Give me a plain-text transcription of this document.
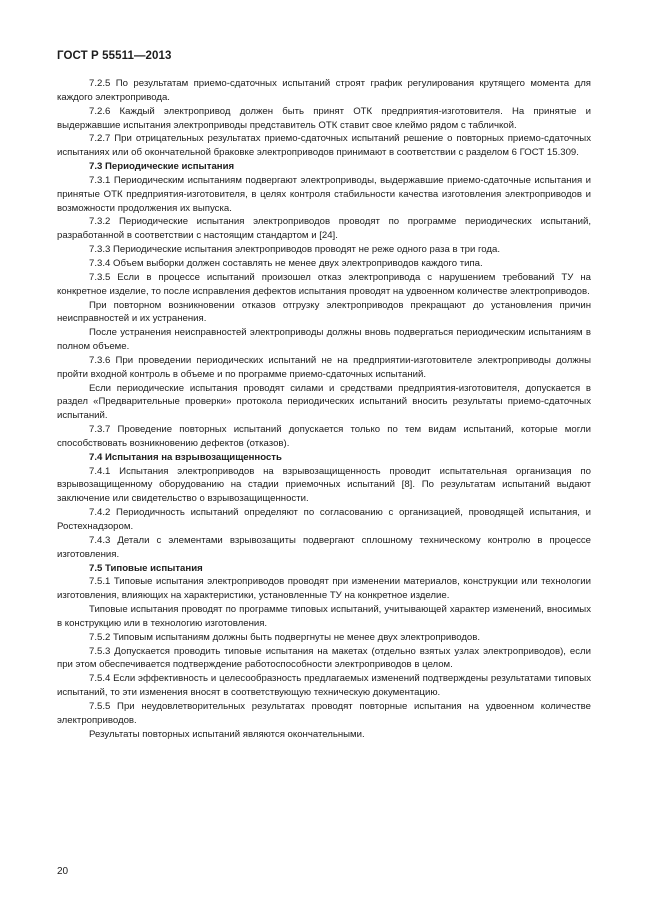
ГОСТ Р 55511—2013

7.2.5 По результатам приемо-сдаточных испытаний строят график регулирования крутящего момента для каждого электропривода.

7.2.6 Каждый электропривод должен быть принят ОТК предприятия-изготовителя. На принятые и выдержавшие испытания электроприводы представитель ОТК ставит свое клеймо рядом с табличкой.

7.2.7 При отрицательных результатах приемо-сдаточных испытаний решение о повторных приемо-сдаточных испытаниях или об окончательной браковке электроприводов принимают в соответствии с разделом 6 ГОСТ 15.309.

7.3 Периодические испытания

7.3.1 Периодическим испытаниям подвергают электроприводы, выдержавшие приемо-сдаточные испытания и принятые ОТК предприятия-изготовителя, в целях контроля стабильности качества изготовления электроприводов и возможности продолжения их выпуска.

7.3.2 Периодические испытания электроприводов проводят по программе периодических испытаний, разработанной в соответствии с настоящим стандартом и [24].

7.3.3 Периодические испытания электроприводов проводят не реже одного раза в три года.

7.3.4 Объем выборки должен составлять не менее двух электроприводов каждого типа.

7.3.5 Если в процессе испытаний произошел отказ электропривода с нарушением требований ТУ на конкретное изделие, то после исправления дефектов испытания проводят на удвоенном количестве электроприводов.

При повторном возникновении отказов отгрузку электроприводов прекращают до установления причин неисправностей и их устранения.

После устранения неисправностей электроприводы должны вновь подвергаться периодическим испытаниям в полном объеме.

7.3.6 При проведении периодических испытаний не на предприятии-изготовителе электроприводы должны пройти входной контроль в объеме и по программе приемо-сдаточных испытаний.

Если периодические испытания проводят силами и средствами предприятия-изготовителя, допускается в раздел «Предварительные проверки» протокола периодических испытаний вносить результаты приемо-сдаточных испытаний.

7.3.7 Проведение повторных испытаний допускается только по тем видам испытаний, которые могли способствовать возникновению дефектов (отказов).

7.4 Испытания на взрывозащищенность

7.4.1 Испытания электроприводов на взрывозащищенность проводит испытательная организация по взрывозащищенному оборудованию на стадии приемочных испытаний [8]. По результатам испытаний выдают заключение или свидетельство о взрывозащищенности.

7.4.2 Периодичность испытаний определяют по согласованию с организацией, проводящей испытания, и Ростехнадзором.

7.4.3 Детали с элементами взрывозащиты подвергают сплошному техническому контролю в процессе изготовления.

7.5 Типовые испытания

7.5.1 Типовые испытания электроприводов проводят при изменении материалов, конструкции или технологии изготовления, влияющих на характеристики, установленные ТУ на конкретное изделие.

Типовые испытания проводят по программе типовых испытаний, учитывающей характер изменений, вносимых в конструкцию или в технологию изготовления.

7.5.2 Типовым испытаниям должны быть подвергнуты не менее двух электроприводов.

7.5.3 Допускается проводить типовые испытания на макетах (отдельно взятых узлах электроприводов), если при этом обеспечивается подтверждение работоспособности электроприводов в целом.

7.5.4 Если эффективность и целесообразность предлагаемых изменений подтверждены результатами типовых испытаний, то эти изменения вносят в соответствующую техническую документацию.

7.5.5 При неудовлетворительных результатах проводят повторные испытания на удвоенном количестве электроприводов.

Результаты повторных испытаний являются окончательными.

20
